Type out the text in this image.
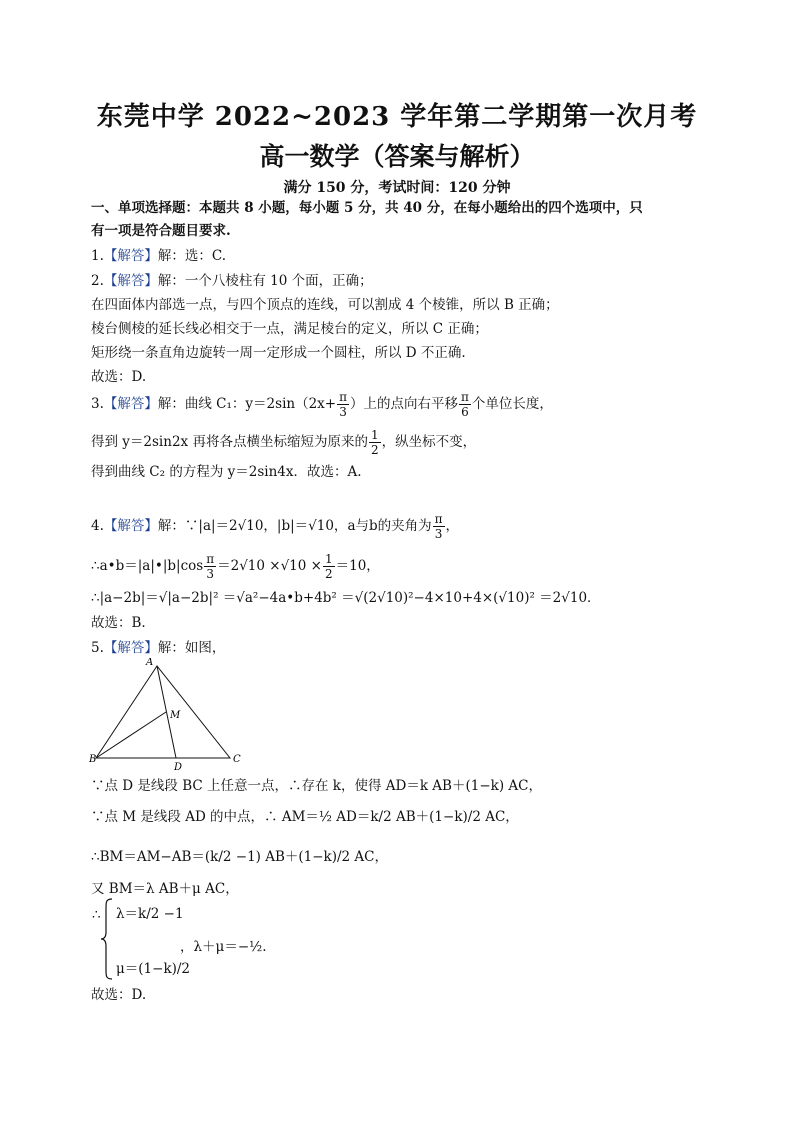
东莞中学 2022~2023 学年第二学期第一次月考
高一数学（答案与解析）
满分 150 分，考试时间：120 分钟
一、单项选择题：本题共 8 小题，每小题 5 分，共 40 分，在每小题给出的四个选项中，只
有一项是符合题目要求.
1.【解答】解：选：C.
2.【解答】解：一个八棱柱有 10 个面，正确；
在四面体内部选一点，与四个顶点的连线，可以割成 4 个棱锥，所以 B 正确；
棱台侧棱的延长线必相交于一点，满足棱台的定义，所以 C 正确；
矩形绕一条直角边旋转一周一定形成一个圆柱，所以 D 不正确.
故选：D.
3.【解答】解：曲线 C₁：$y=2\sin(2x+ \frac{\pi}{3}$ ）上的点向右平移 $\frac{\pi}{6}$ 个单位长度，
得到 y＝2sin2x 再将各点横坐标缩短为原来的 $\frac{1}{2}$ ，纵坐标不变，
得到曲线 C₂ 的方程为 y＝2sin4x．故选：A.
4.【解答】解：∵|a|＝2√10，|b|＝√10，a与b的夹角为 $\frac{\pi}{3}$ ，
∴a•b＝|a|•|b|cos $\frac{\pi}{3} =2√10 \times√10 \times \frac{1}{2} =10$，
∴|a−2b|＝√|a−2b|² ＝√a²−4a•b+4b² ＝√(2√10)²−4×10+4×(√10)² ＝2√10．
故选：B.
5.【解答】解：如图，
A
B	C
D
M
∵点 D 是线段 BC 上任意一点，∴存在 k，使得 AD＝k AB＋(1−k) AC，
∵点 M 是线段 AD 的中点，∴ AM＝½ AD＝k/2 AB＋(1−k)/2 AC，
∴BM＝AM−AB＝(k/2 −1) AB＋(1−k)/2 AC，
又 BM＝λ AB＋μ AC，
∴ λ＝k/2 −1
，λ＋μ＝−½.
μ＝(1−k)/2
故选：D.
